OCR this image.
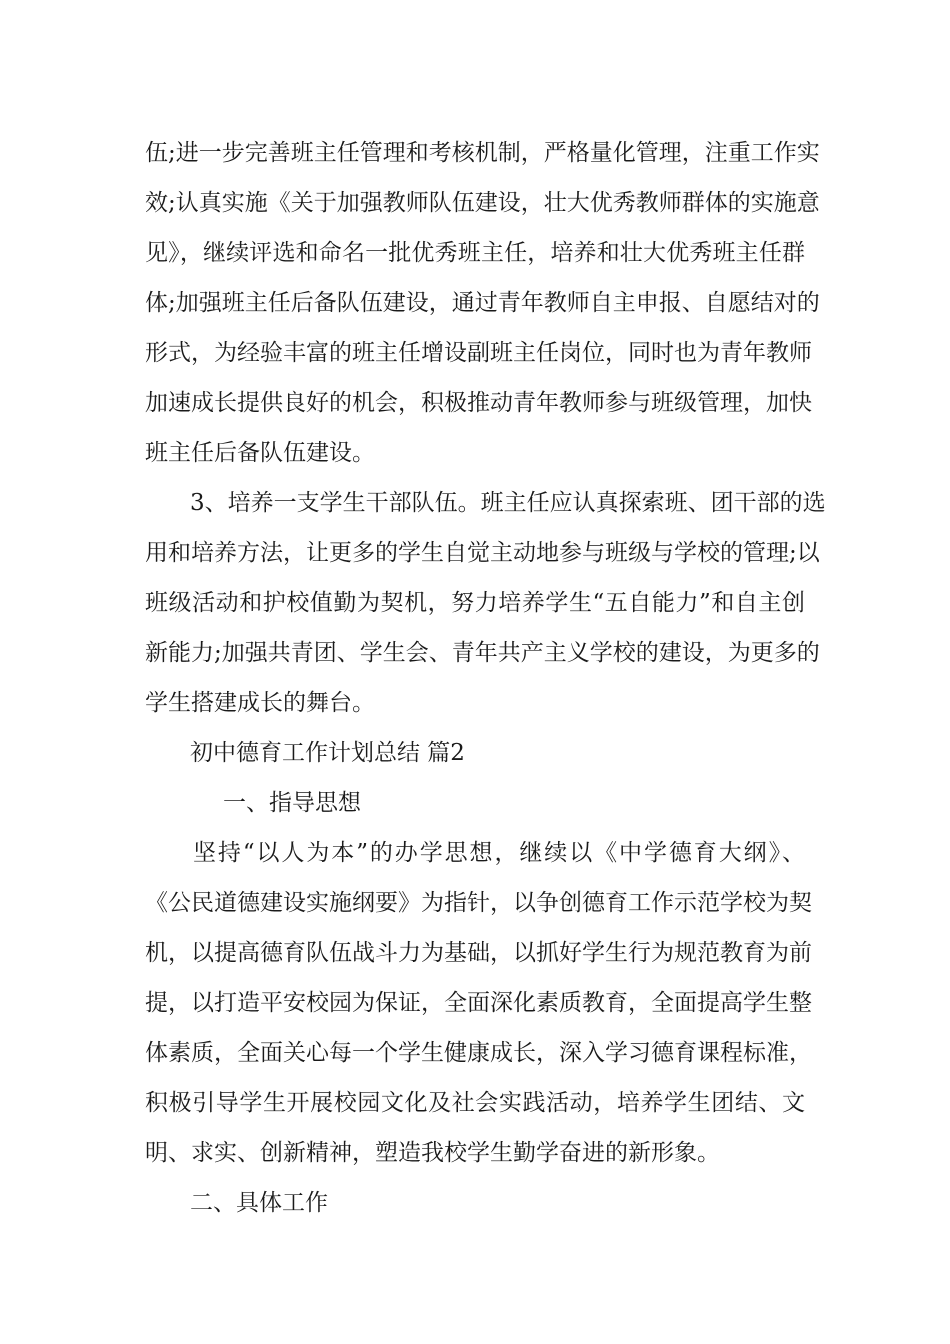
伍;进一步完善班主任管理和考核机制，严格量化管理，注重工作实
效;认真实施《关于加强教师队伍建设，壮大优秀教师群体的实施意
见》，继续评选和命名一批优秀班主任，培养和壮大优秀班主任群
体;加强班主任后备队伍建设，通过青年教师自主申报、自愿结对的
形式，为经验丰富的班主任增设副班主任岗位，同时也为青年教师
加速成长提供良好的机会，积极推动青年教师参与班级管理，加快
班主任后备队伍建设。
3、培养一支学生干部队伍。班主任应认真探索班、团干部的选
用和培养方法，让更多的学生自觉主动地参与班级与学校的管理;以
班级活动和护校值勤为契机，努力培养学生“五自能力”和自主创
新能力;加强共青团、学生会、青年共产主义学校的建设，为更多的
学生搭建成长的舞台。
初中德育工作计划总结 篇2
一、指导思想
坚持“以人为本”的办学思想，继续以《中学德育大纲》、
《公民道德建设实施纲要》为指针，以争创德育工作示范学校为契
机，以提高德育队伍战斗力为基础，以抓好学生行为规范教育为前
提，以打造平安校园为保证，全面深化素质教育，全面提高学生整
体素质，全面关心每一个学生健康成长，深入学习德育课程标准，
积极引导学生开展校园文化及社会实践活动，培养学生团结、文
明、求实、创新精神，塑造我校学生勤学奋进的新形象。
二、具体工作
